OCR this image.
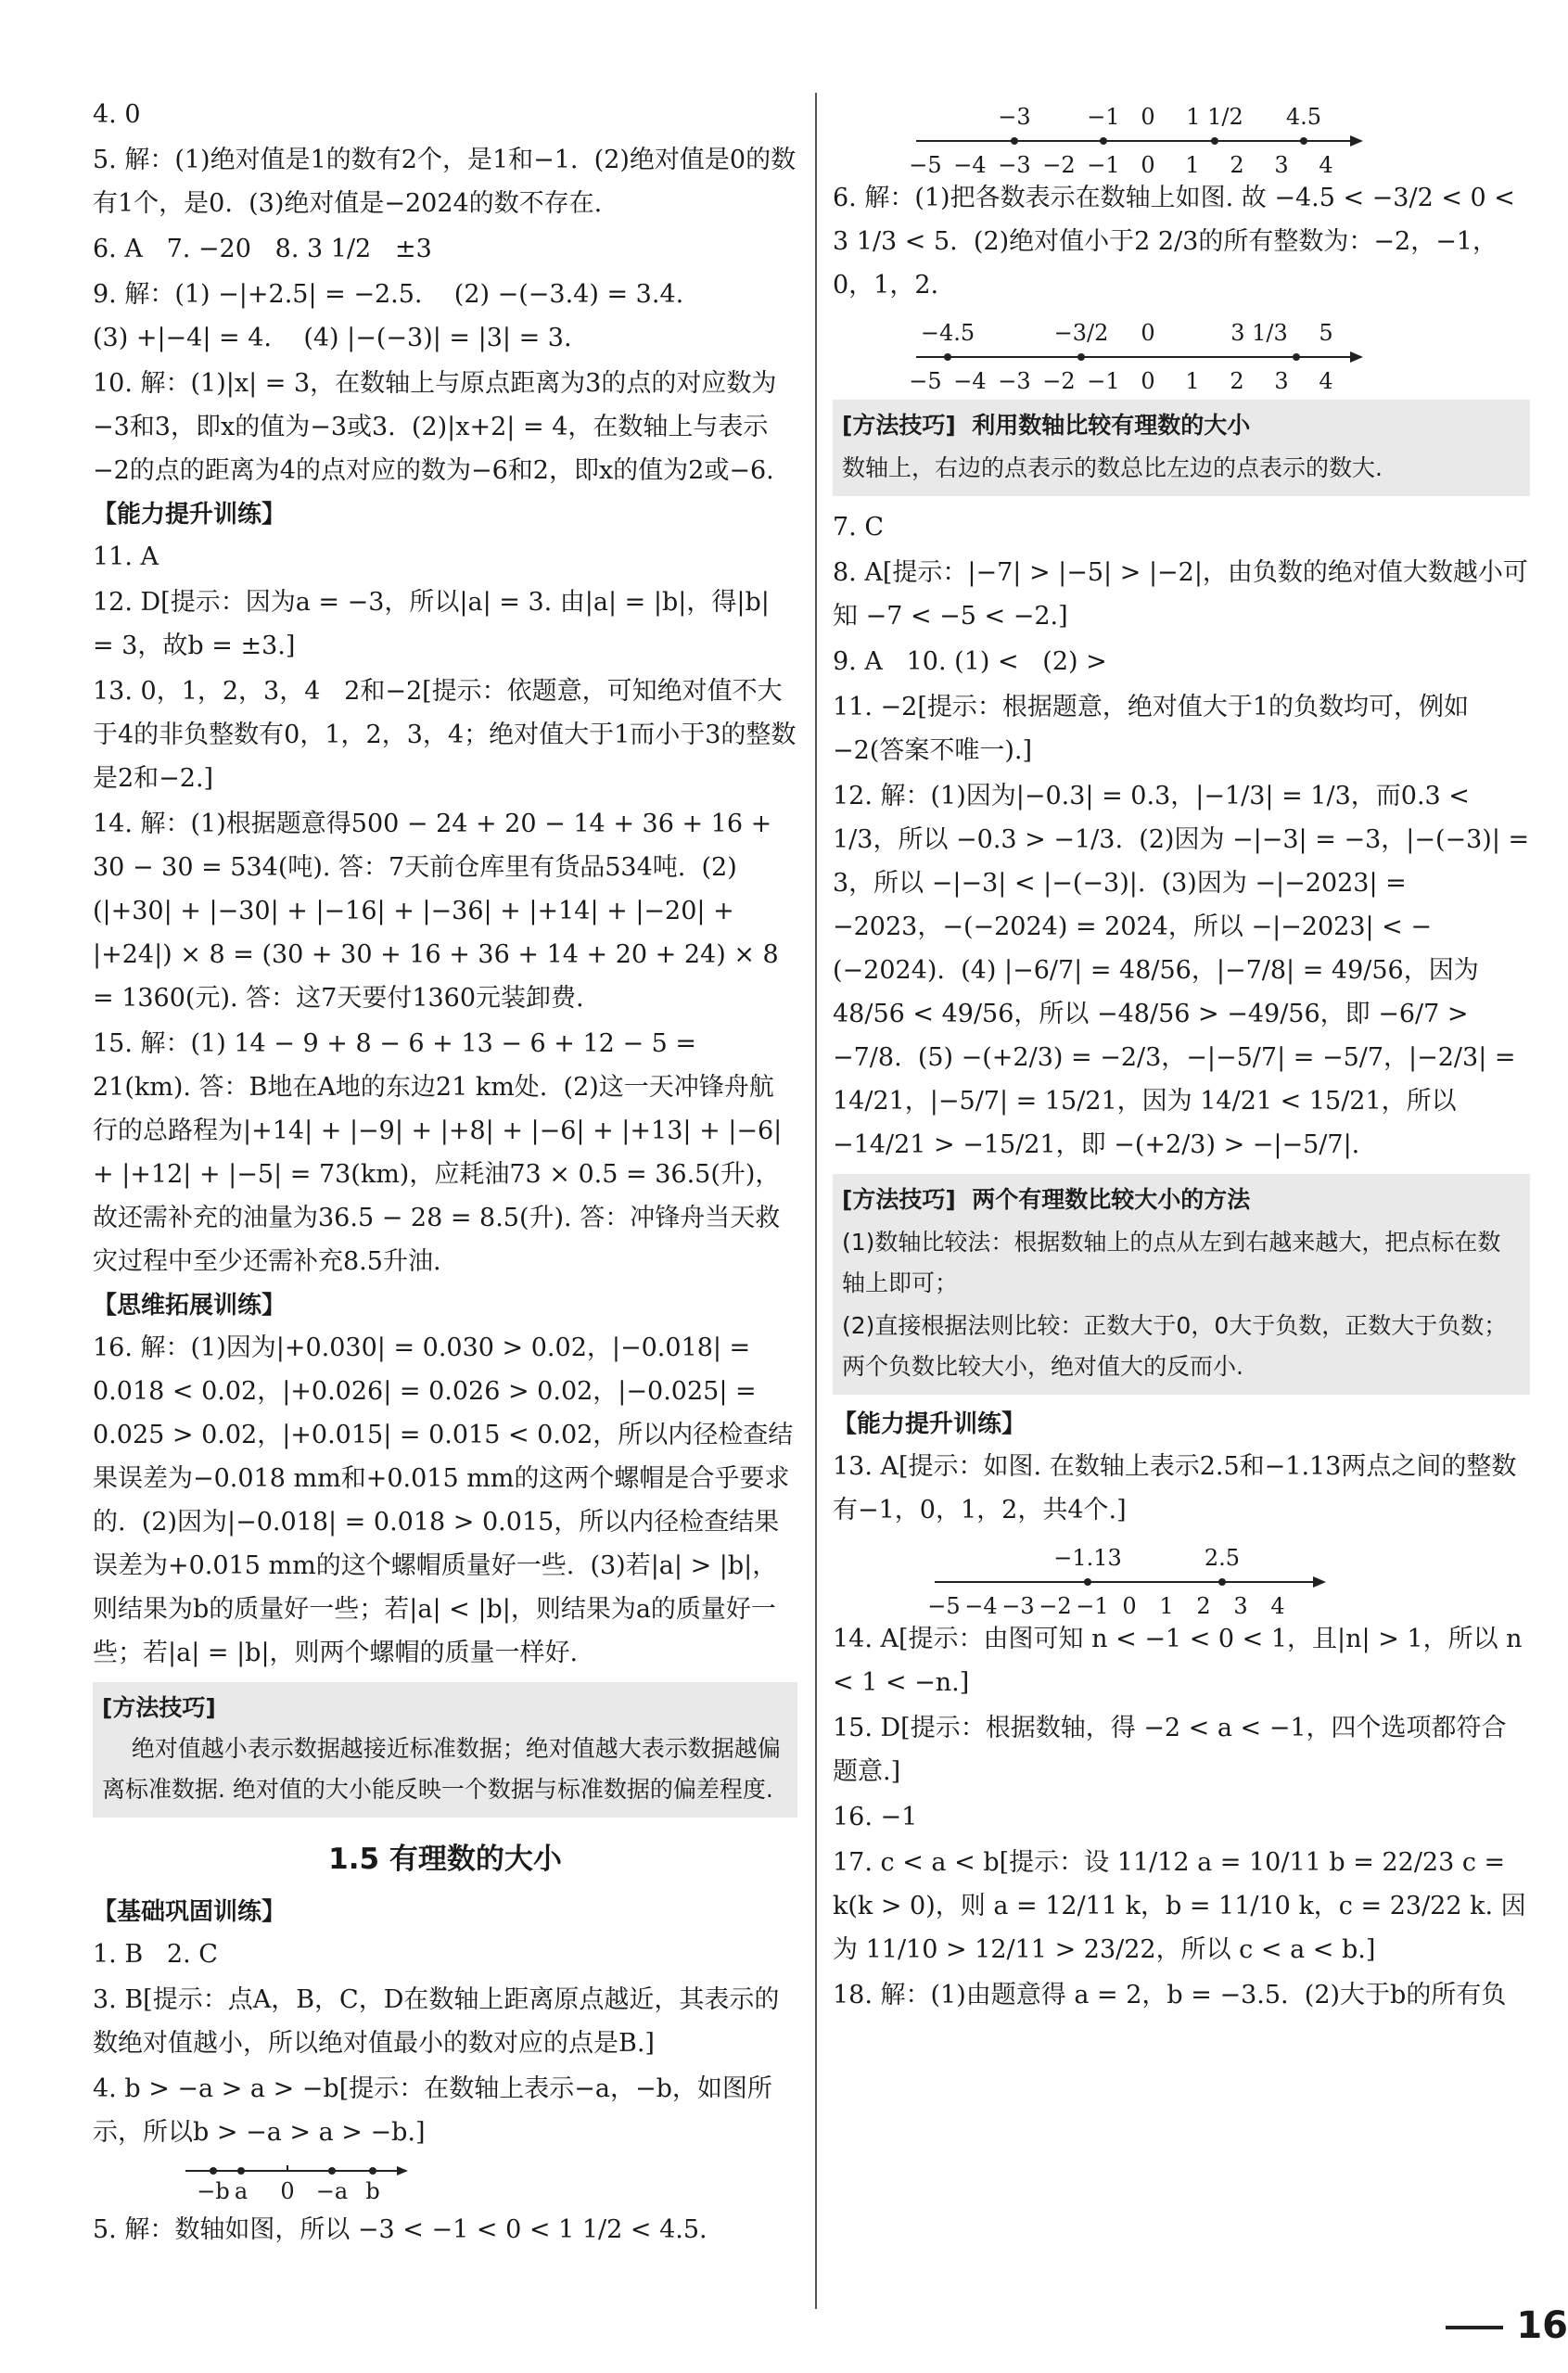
4. 0

5. 解：(1)绝对值是1的数有2个，是1和−1.  (2)绝对值是0的数有1个，是0.  (3)绝对值是−2024的数不存在.

6. A   7. −20   8. 3 1/2   ±3

9. 解：(1) −|+2.5| = −2.5.    (2) −(−3.4) = 3.4.
(3) +|−4| = 4.    (4) |−(−3)| = |3| = 3.

10. 解：(1)|x| = 3，在数轴上与原点距离为3的点的对应数为−3和3，即x的值为−3或3.  (2)|x+2| = 4，在数轴上与表示−2的点的距离为4的点对应的数为−6和2，即x的值为2或−6.

【能力提升训练】

11. A

12. D[提示：因为a = −3，所以|a| = 3. 由|a| = |b|，得|b| = 3，故b = ±3.]

13. 0，1，2，3，4   2和−2[提示：依题意，可知绝对值不大于4的非负整数有0，1，2，3，4；绝对值大于1而小于3的整数是2和−2.]

14. 解：(1)根据题意得500 − 24 + 20 − 14 + 36 + 16 + 30 − 30 = 534(吨). 答：7天前仓库里有货品534吨.  (2)(|+30| + |−30| + |−16| + |−36| + |+14| + |−20| + |+24|) × 8 = (30 + 30 + 16 + 36 + 14 + 20 + 24) × 8 = 1360(元). 答：这7天要付1360元装卸费.

15. 解：(1) 14 − 9 + 8 − 6 + 13 − 6 + 12 − 5 = 21(km). 答：B地在A地的东边21 km处.  (2)这一天冲锋舟航行的总路程为|+14| + |−9| + |+8| + |−6| + |+13| + |−6| + |+12| + |−5| = 73(km)，应耗油73 × 0.5 = 36.5(升)，故还需补充的油量为36.5 − 28 = 8.5(升). 答：冲锋舟当天救灾过程中至少还需补充8.5升油.

【思维拓展训练】

16. 解：(1)因为|+0.030| = 0.030 > 0.02，|−0.018| = 0.018 < 0.02，|+0.026| = 0.026 > 0.02，|−0.025| = 0.025 > 0.02，|+0.015| = 0.015 < 0.02，所以内径检查结果误差为−0.018 mm和+0.015 mm的这两个螺帽是合乎要求的.  (2)因为|−0.018| = 0.018 > 0.015，所以内径检查结果误差为+0.015 mm的这个螺帽质量好一些.  (3)若|a| > |b|，则结果为b的质量好一些；若|a| < |b|，则结果为a的质量好一些；若|a| = |b|，则两个螺帽的质量一样好.

[方法技巧]
绝对值越小表示数据越接近标准数据；绝对值越大表示数据越偏离标准数据. 绝对值的大小能反映一个数据与标准数据的偏差程度.

1.5 有理数的大小
【基础巩固训练】

1. B   2. C

3. B[提示：点A，B，C，D在数轴上距离原点越近，其表示的数绝对值越小，所以绝对值最小的数对应的点是B.]

4. b > −a > a > −b[提示：在数轴上表示−a，−b，如图所示，所以b > −a > a > −b.]

−b a 0 −a b

5. 解：数轴如图，所以 −3 < −1 < 0 < 1 1/2 < 4.5.

−5 −4 −3 −2 −1 0 1 2 3 4
−3	−1 0 1 1/2 4.5

6. 解：(1)把各数表示在数轴上如图. 故 −4.5 < −3/2 < 0 < 3 1/3 < 5.  (2)绝对值小于2 2/3的所有整数为：−2，−1，0，1，2.

−5 −4 −3 −2 −1 0 1 2 3 4
−4.5	−3/2 0	3 1/3 5

[方法技巧]  利用数轴比较有理数的大小

数轴上，右边的点表示的数总比左边的点表示的数大.

7. C

8. A[提示：|−7| > |−5| > |−2|，由负数的绝对值大数越小可知 −7 < −5 < −2.]

9. A   10. (1) <   (2) >

11. −2[提示：根据题意，绝对值大于1的负数均可，例如−2(答案不唯一).]

12. 解：(1)因为|−0.3| = 0.3，|−1/3| = 1/3，而0.3 < 1/3，所以 −0.3 > −1/3.  (2)因为 −|−3| = −3，|−(−3)| = 3，所以 −|−3| < |−(−3)|.  (3)因为 −|−2023| = −2023，−(−2024) = 2024，所以 −|−2023| < −(−2024).  (4) |−6/7| = 48/56，|−7/8| = 49/56，因为 48/56 < 49/56，所以 −48/56 > −49/56，即 −6/7 > −7/8.  (5) −(+2/3) = −2/3，−|−5/7| = −5/7，|−2/3| = 14/21，|−5/7| = 15/21，因为 14/21 < 15/21，所以 −14/21 > −15/21，即 −(+2/3) > −|−5/7|.

[方法技巧]  两个有理数比较大小的方法

(1)数轴比较法：根据数轴上的点从左到右越来越大，把点标在数轴上即可；

(2)直接根据法则比较：正数大于0，0大于负数，正数大于负数；两个负数比较大小，绝对值大的反而小.

【能力提升训练】

13. A[提示：如图. 在数轴上表示2.5和−1.13两点之间的整数有−1，0，1，2，共4个.]

−5 −4 −3 −2 −1 0 1 2 3 4
−1.13	2.5

14. A[提示：由图可知 n < −1 < 0 < 1，且|n| > 1，所以 n < 1 < −n.]

15. D[提示：根据数轴，得 −2 < a < −1，四个选项都符合题意.]

16. −1

17. c < a < b[提示：设 11/12 a = 10/11 b = 22/23 c = k(k > 0)，则 a = 12/11 k，b = 11/10 k，c = 23/22 k. 因为 11/10 > 12/11 > 23/22，所以 c < a < b.]

18. 解：(1)由题意得 a = 2，b = −3.5.  (2)大于b的所有负

16
